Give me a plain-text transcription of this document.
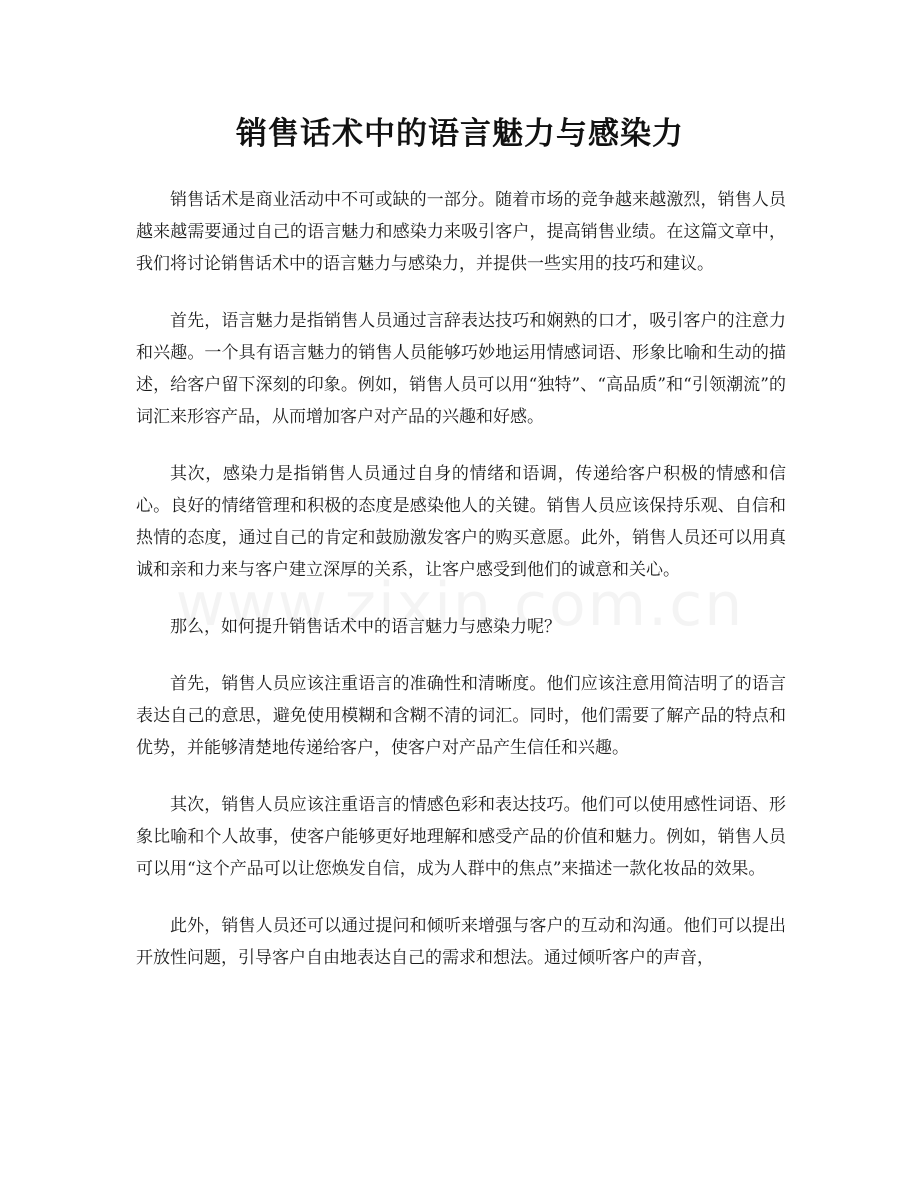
销售话术中的语言魅力与感染力

销售话术是商业活动中不可或缺的一部分。随着市场的竞争越来越激烈，销售人员越来越需要通过自己的语言魅力和感染力来吸引客户，提高销售业绩。在这篇文章中，我们将讨论销售话术中的语言魅力与感染力，并提供一些实用的技巧和建议。

首先，语言魅力是指销售人员通过言辞表达技巧和娴熟的口才，吸引客户的注意力和兴趣。一个具有语言魅力的销售人员能够巧妙地运用情感词语、形象比喻和生动的描述，给客户留下深刻的印象。例如，销售人员可以用“独特”、“高品质”和“引领潮流”的词汇来形容产品，从而增加客户对产品的兴趣和好感。

其次，感染力是指销售人员通过自身的情绪和语调，传递给客户积极的情感和信心。良好的情绪管理和积极的态度是感染他人的关键。销售人员应该保持乐观、自信和热情的态度，通过自己的肯定和鼓励激发客户的购买意愿。此外，销售人员还可以用真诚和亲和力来与客户建立深厚的关系，让客户感受到他们的诚意和关心。

那么，如何提升销售话术中的语言魅力与感染力呢？

首先，销售人员应该注重语言的准确性和清晰度。他们应该注意用简洁明了的语言表达自己的意思，避免使用模糊和含糊不清的词汇。同时，他们需要了解产品的特点和优势，并能够清楚地传递给客户，使客户对产品产生信任和兴趣。

其次，销售人员应该注重语言的情感色彩和表达技巧。他们可以使用感性词语、形象比喻和个人故事，使客户能够更好地理解和感受产品的价值和魅力。例如，销售人员可以用“这个产品可以让您焕发自信，成为人群中的焦点”来描述一款化妆品的效果。

此外，销售人员还可以通过提问和倾听来增强与客户的互动和沟通。他们可以提出开放性问题，引导客户自由地表达自己的需求和想法。通过倾听客户的声音，
